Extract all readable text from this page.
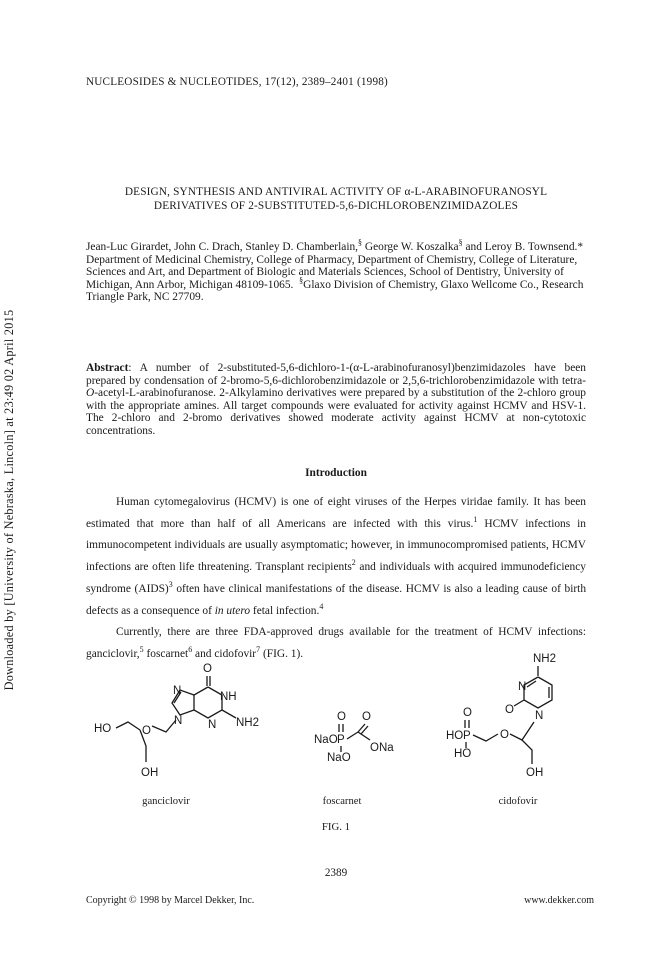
NUCLEOSIDES & NUCLEOTIDES, 17(12), 2389–2401 (1998)
Downloaded by [University of Nebraska, Lincoln] at 23:49 02 April 2015
DESIGN, SYNTHESIS AND ANTIVIRAL ACTIVITY OF α-L-ARABINOFURANOSYL
DERIVATIVES OF 2-SUBSTITUTED-5,6-DICHLOROBENZIMIDAZOLES
Jean-Luc Girardet, John C. Drach, Stanley D. Chamberlain,§ George W. Koszalka§ and Leroy B. Townsend.*
Department of Medicinal Chemistry, College of Pharmacy, Department of Chemistry, College of Literature, Sciences and Art, and Department of Biologic and Materials Sciences, School of Dentistry, University of Michigan, Ann Arbor, Michigan 48109-1065. §Glaxo Division of Chemistry, Glaxo Wellcome Co., Research Triangle Park, NC 27709.
Abstract: A number of 2-substituted-5,6-dichloro-1-(α-L-arabinofuranosyl)benzimidazoles have been prepared by condensation of 2-bromo-5,6-dichlorobenzimidazole or 2,5,6-trichlorobenzimidazole with tetra-O-acetyl-L-arabinofuranose. 2-Alkylamino derivatives were prepared by a substitution of the 2-chloro group with the appropriate amines. All target compounds were evaluated for activity against HCMV and HSV-1. The 2-chloro and 2-bromo derivatives showed moderate activity against HCMV at non-cytotoxic concentrations.
Introduction

Human cytomegalovirus (HCMV) is one of eight viruses of the Herpes viridae family. It has been estimated that more than half of all Americans are infected with this virus.$^1$ HCMV infections in immunocompetent individuals are usually asymptomatic; however, in immunocompromised patients, HCMV infections are often life threatening. Transplant recipients$^2$ and individuals with acquired immunodeficiency syndrome (AIDS)$^3$ often have clinical manifestations of the disease. HCMV is also a leading cause of birth defects as a consequence of in utero fetal infection.$^4$

Currently, there are three FDA-approved drugs available for the treatment of HCMV infections: ganciclovir,$^5$ foscarnet$^6$ and cidofovir$^7$ (FIG. 1).

O
N	NH
N
N	NH2
O
HO
OH
O O
NaO P
NaO
ONa
NH2
N
O N
O
HO P	O
HO
OH
ganciclovir	foscarnet	cidofovir
FIG. 1
2389
Copyright © 1998 by Marcel Dekker, Inc.	www.dekker.com
